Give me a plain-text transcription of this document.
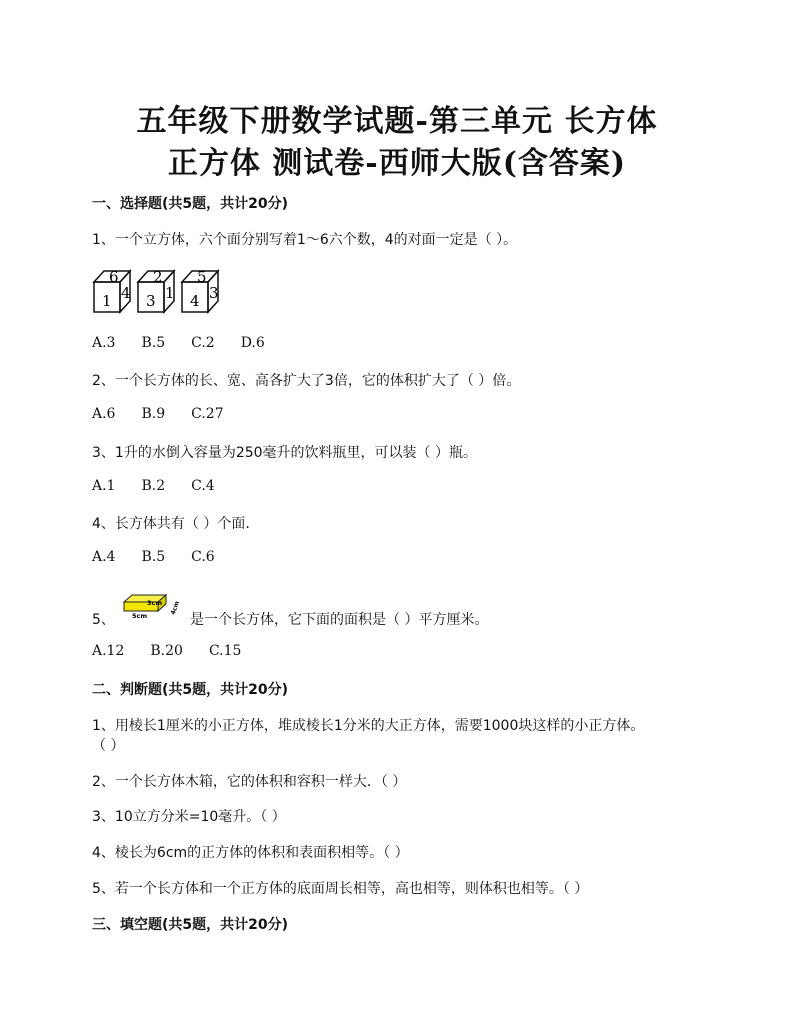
五年级下册数学试题-第三单元 长方体
正方体 测试卷-西师大版(含答案)
一、选择题(共5题，共计20分)
1、一个立方体，六个面分别写着1～6六个数，4的对面一定是（ ）。
6
1 4
2
3 1
5
4 3
A.3 B.5 C.2 D.6
2、一个长方体的长、宽、高各扩大了3倍，它的体积扩大了（ ）倍。
A.6 B.9 C.27
3、1升的水倒入容量为250毫升的饮料瓶里，可以装（ ）瓶。
A.1 B.2 C.4
4、长方体共有（ ）个面.
A.4 B.5 C.6
5、
3cm
5cm
4cm
是一个长方体，它下面的面积是（ ）平方厘米。
A.12 B.20 C.15
二、判断题(共5题，共计20分)
1、用棱长1厘米的小正方体，堆成棱长1分米的大正方体，需要1000块这样的小正方体。
（ ）
2、一个长方体木箱，它的体积和容积一样大．（ ）
3、10立方分米=10毫升。（ ）
4、棱长为6cm的正方体的体积和表面积相等。（ ）
5、若一个长方体和一个正方体的底面周长相等，高也相等，则体积也相等。（ ）
三、填空题(共5题，共计20分)
